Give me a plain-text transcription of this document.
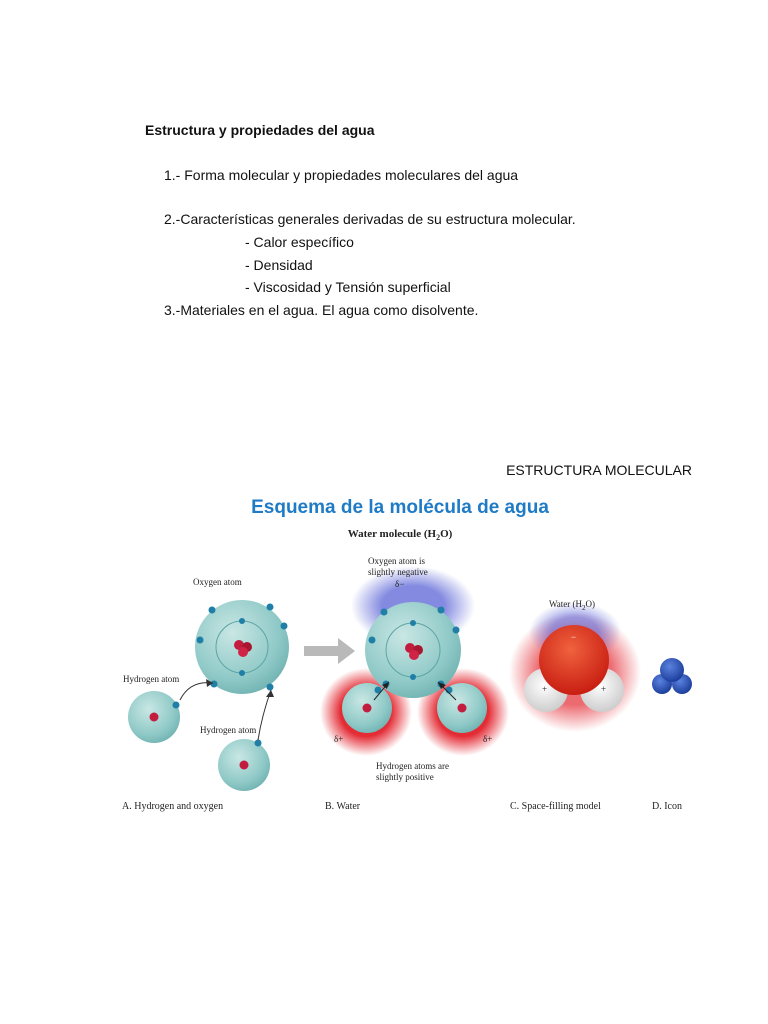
Estructura y propiedades del agua
1.- Forma molecular y propiedades moleculares del agua
2.-Características generales derivadas de su estructura molecular.
- Calor específico
- Densidad
- Viscosidad y Tensión superficial
3.-Materiales en el agua. El agua como disolvente.
ESTRUCTURA MOLECULAR
Esquema de la molécula de agua
Water molecule $(H_2O)$
Oxygen atom
Hydrogen atom
Hydrogen atom
Oxygen atom is
slightly negative
δ−
δ+	δ+
Hydrogen atoms are
slightly positive
Water $(H_2O)$
−
+	+
A. Hydrogen and oxygen	B. Water	C. Space-filling model	D. Icon
